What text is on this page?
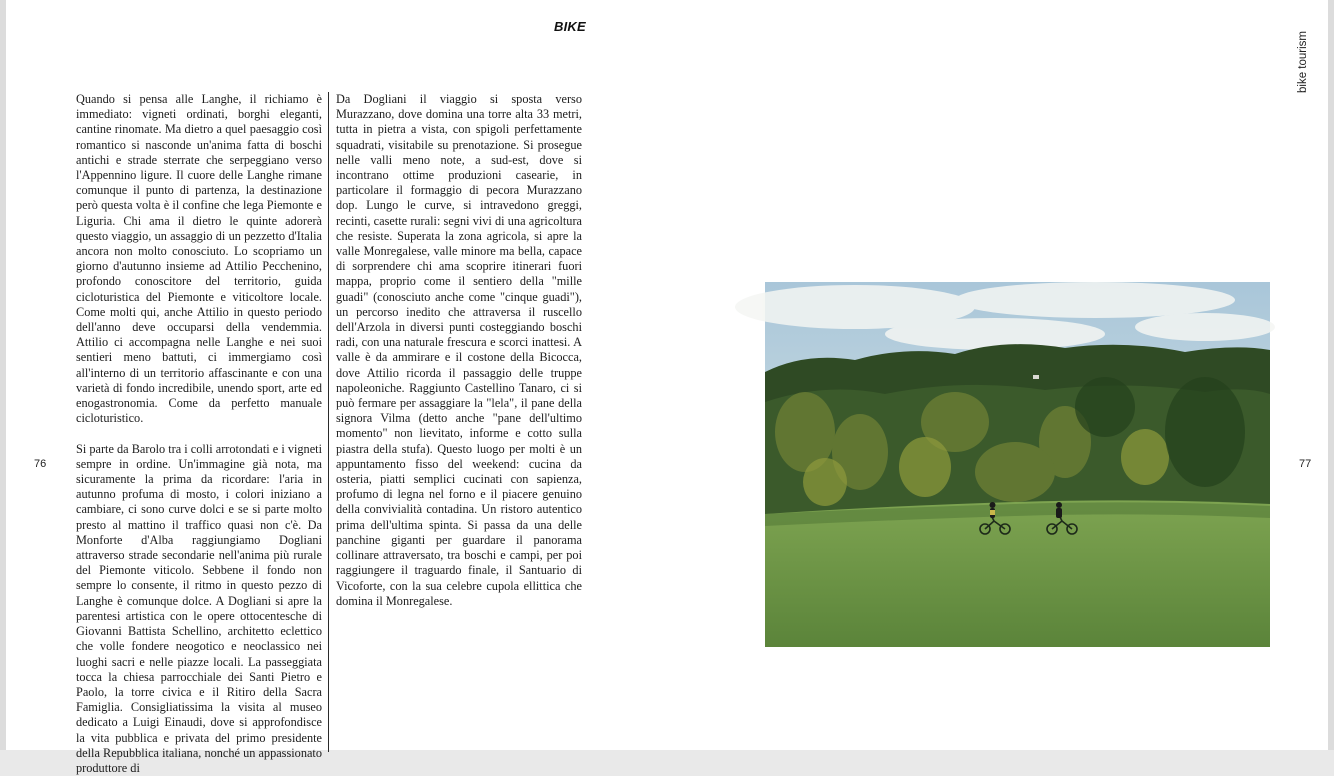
BIKE
bike tourism
76	77

Quando si pensa alle Langhe, il richiamo è immediato: vigneti ordinati, borghi eleganti, cantine rinomate. Ma dietro a quel paesaggio così romantico si nasconde un'anima fatta di boschi antichi e strade sterrate che serpeggiano verso l'Appennino ligure. Il cuore delle Langhe rimane comunque il punto di partenza, la destinazione però questa volta è il confine che lega Piemonte e Liguria. Chi ama il dietro le quinte adorerà questo viaggio, un assaggio di un pezzetto d'Italia ancora non molto conosciuto. Lo scopriamo un giorno d'autunno insieme ad Attilio Pecchenino, profondo conoscitore del territorio, guida cicloturistica del Piemonte e viticoltore locale. Come molti qui, anche Attilio in questo periodo dell'anno deve occuparsi della vendemmia. Attilio ci accompagna nelle Langhe e nei suoi sentieri meno battuti, ci immergiamo così all'interno di un territorio affascinante e con una varietà di fondo incredibile, unendo sport, arte ed enogastronomia. Come da perfetto manuale cicloturistico.

Si parte da Barolo tra i colli arrotondati e i vigneti sempre in ordine. Un'immagine già nota, ma sicuramente la prima da ricordare: l'aria in autunno profuma di mosto, i colori iniziano a cambiare, ci sono curve dolci e se si parte molto presto al mattino il traffico quasi non c'è. Da Monforte d'Alba raggiungiamo Dogliani attraverso strade secondarie nell'anima più rurale del Piemonte viticolo. Sebbene il fondo non sempre lo consente, il ritmo in questo pezzo di Langhe è comunque dolce. A Dogliani si apre la parentesi artistica con le opere ottocentesche di Giovanni Battista Schellino, architetto eclettico che volle fondere neogotico e neoclassico nei luoghi sacri e nelle piazze locali. La passeggiata tocca la chiesa parrocchiale dei Santi Pietro e Paolo, la torre civica e il Ritiro della Sacra Famiglia. Consigliatissima la visita al museo dedicato a Luigi Einaudi, dove si approfondisce la vita pubblica e privata del primo presidente della Repubblica italiana, nonché un appassionato produttore di

Da Dogliani il viaggio si sposta verso Murazzano, dove domina una torre alta 33 metri, tutta in pietra a vista, con spigoli perfettamente squadrati, visitabile su prenotazione. Si prosegue nelle valli meno note, a sud-est, dove si incontrano ottime produzioni casearie, in particolare il formaggio di pecora Murazzano dop. Lungo le curve, si intravedono greggi, recinti, casette rurali: segni vivi di una agricoltura che resiste. Superata la zona agricola, si apre la valle Monregalese, valle minore ma bella, capace di sorprendere chi ama scoprire itinerari fuori mappa, proprio come il sentiero della "mille guadi" (conosciuto anche come "cinque guadi"), un percorso inedito che attraversa il ruscello dell'Arzola in diversi punti costeggiando boschi radi, con una naturale frescura e scorci inattesi. A valle è da ammirare e il costone della Bicocca, dove Attilio ricorda il passaggio delle truppe napoleoniche. Raggiunto Castellino Tanaro, ci si può fermare per assaggiare la "lela", il pane della signora Vilma (detto anche "pane dell'ultimo momento" non lievitato, informe e cotto sulla piastra della stufa). Questo luogo per molti è un appuntamento fisso del weekend: cucina da osteria, piatti semplici cucinati con sapienza, profumo di legna nel forno e il piacere genuino della convivialità contadina. Un ristoro autentico prima dell'ultima spinta. Si passa da una delle panchine giganti per guardare il panorama collinare attraversato, tra boschi e campi, per poi raggiungere il traguardo finale, il Santuario di Vicoforte, con la sua celebre cupola ellittica che domina il Monregalese.
